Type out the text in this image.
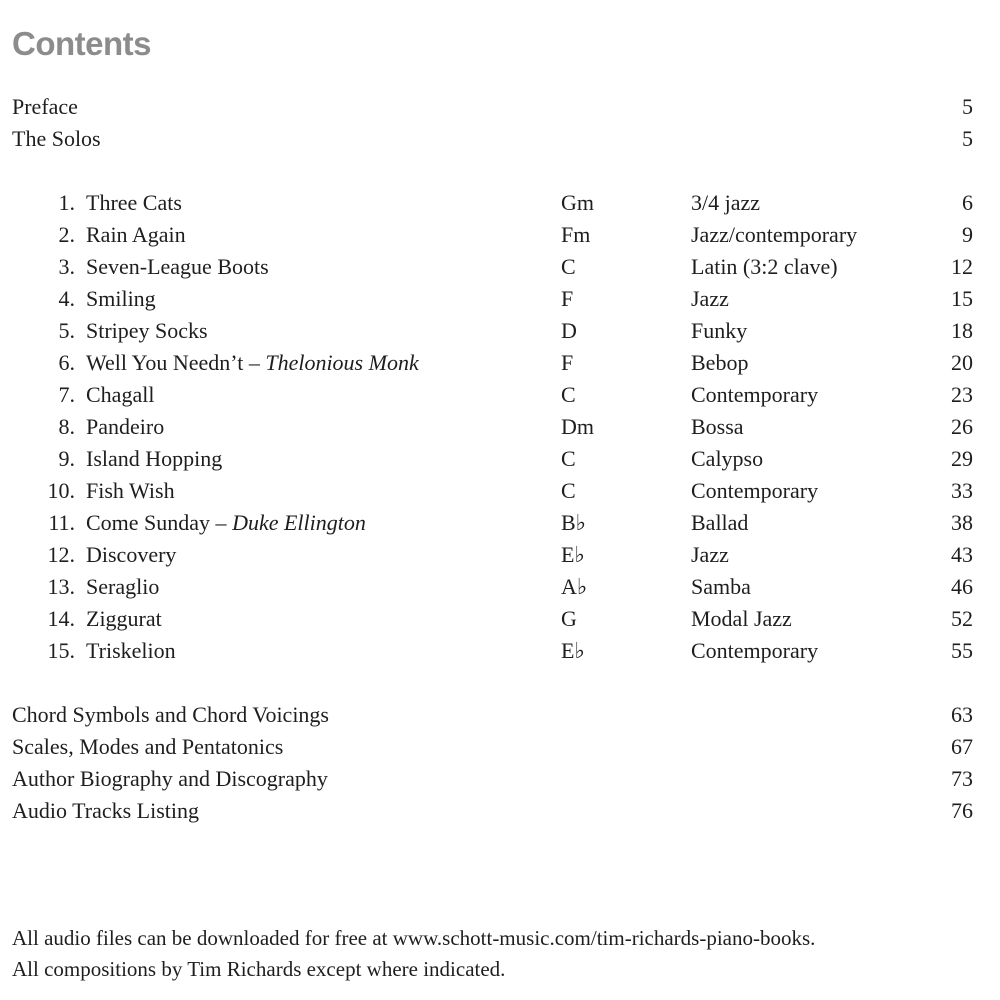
Contents
Preface	5
The Solos	5
1. Three Cats	Gm	3/4 jazz	6
2. Rain Again	Fm	Jazz/contemporary	9
3. Seven-League Boots	C	Latin (3:2 clave)	12
4. Smiling	F	Jazz	15
5. Stripey Socks	D	Funky	18
6. Well You Needn’t – Thelonious Monk	F	Bebop	20
7. Chagall	C	Contemporary	23
8. Pandeiro	Dm	Bossa	26
9. Island Hopping	C	Calypso	29
10. Fish Wish	C	Contemporary	33
11. Come Sunday – Duke Ellington	B♭	Ballad	38
12. Discovery	E♭	Jazz	43
13. Seraglio	A♭	Samba	46
14. Ziggurat	G	Modal Jazz	52
15. Triskelion	E♭	Contemporary	55
Chord Symbols and Chord Voicings	63
Scales, Modes and Pentatonics	67
Author Biography and Discography	73
Audio Tracks Listing	76
All audio files can be downloaded for free at www.schott-music.com/tim-richards-piano-books.
All compositions by Tim Richards except where indicated.
